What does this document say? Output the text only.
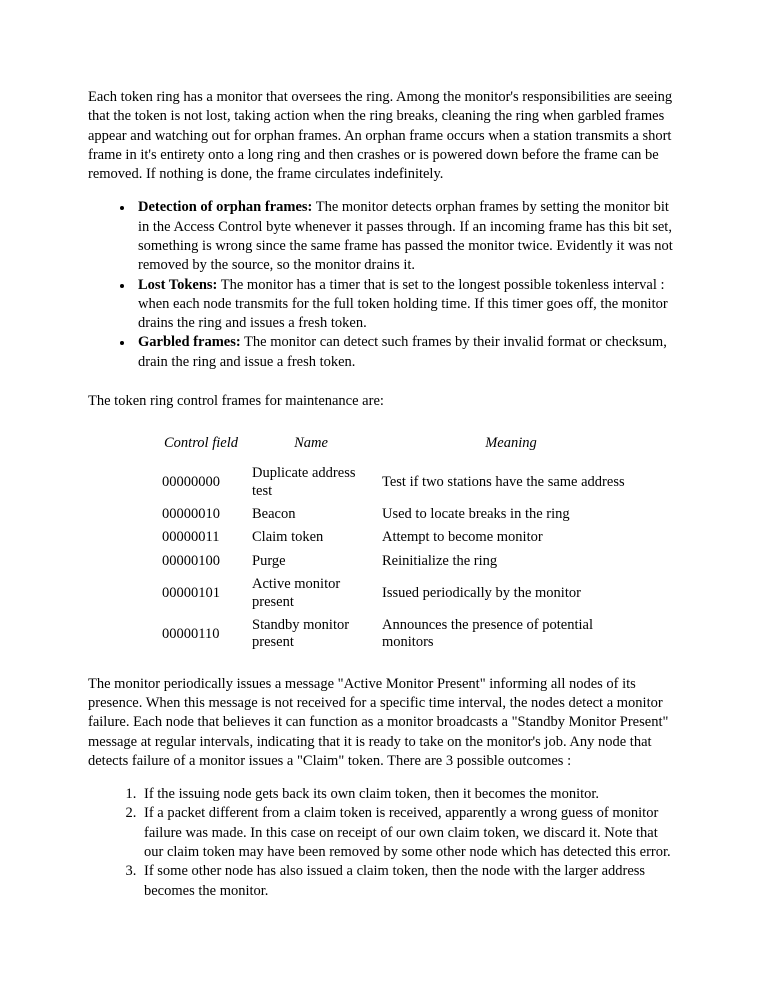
Each token ring has a monitor that oversees the ring. Among the monitor's responsibilities are seeing that the token is not lost, taking action when the ring breaks, cleaning the ring when garbled frames appear and watching out for orphan frames. An orphan frame occurs when a station transmits a short frame in it's entirety onto a long ring and then crashes or is powered down before the frame can be removed. If nothing is done, the frame circulates indefinitely.

• Detection of orphan frames: The monitor detects orphan frames by setting the monitor bit in the Access Control byte whenever it passes through. If an incoming frame has this bit set, something is wrong since the same frame has passed the monitor twice. Evidently it was not removed by the source, so the monitor drains it.
• Lost Tokens: The monitor has a timer that is set to the longest possible tokenless interval : when each node transmits for the full token holding time. If this timer goes off, the monitor drains the ring and issues a fresh token.
• Garbled frames: The monitor can detect such frames by their invalid format or checksum, drain the ring and issue a fresh token.

The token ring control frames for maintenance are:

Control field	Name	Meaning
00000000	Duplicate address test	Test if two stations have the same address
00000010	Beacon	Used to locate breaks in the ring
00000011	Claim token	Attempt to become monitor
00000100	Purge	Reinitialize the ring
00000101	Active monitor present	Issued periodically by the monitor
00000110	Standby monitor present	Announces the presence of potential monitors

The monitor periodically issues a message "Active Monitor Present" informing all nodes of its presence. When this message is not received for a specific time interval, the nodes detect a monitor failure. Each node that believes it can function as a monitor broadcasts a "Standby Monitor Present" message at regular intervals, indicating that it is ready to take on the monitor's job. Any node that detects failure of a monitor issues a "Claim" token. There are 3 possible outcomes :

1. If the issuing node gets back its own claim token, then it becomes the monitor.
2. If a packet different from a claim token is received, apparently a wrong guess of monitor failure was made. In this case on receipt of our own claim token, we discard it. Note that our claim token may have been removed by some other node which has detected this error.
3. If some other node has also issued a claim token, then the node with the larger address becomes the monitor.
